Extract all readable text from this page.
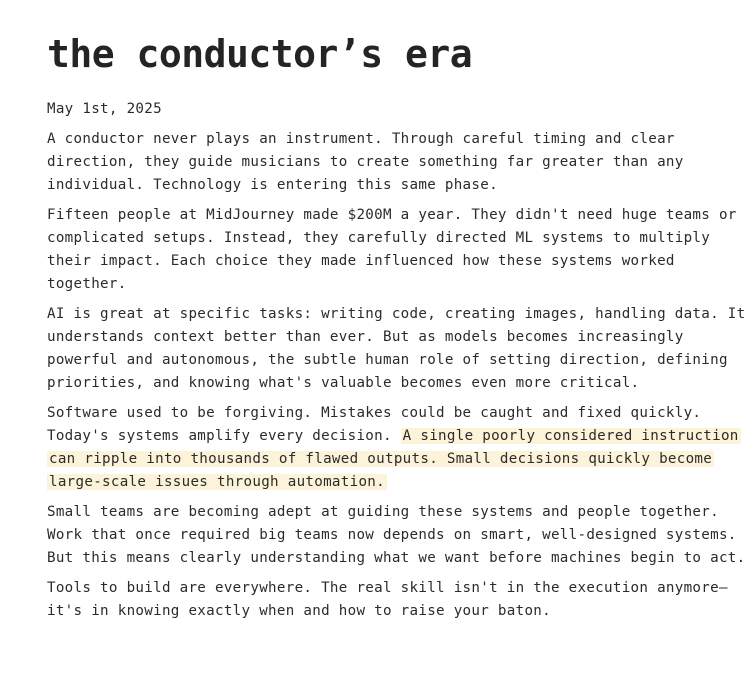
the conductor’s era
May 1st, 2025

A conductor never plays an instrument. Through careful timing and clear direction, they guide musicians to create something far greater than any individual. Technology is entering this same phase.

Fifteen people at MidJourney made $200M a year. They didn't need huge teams or complicated setups. Instead, they carefully directed ML systems to multiply their impact. Each choice they made influenced how these systems worked together.

AI is great at specific tasks: writing code, creating images, handling data. It understands context better than ever. But as models becomes increasingly powerful and autonomous, the subtle human role of setting direction, defining priorities, and knowing what's valuable becomes even more critical.

Software used to be forgiving. Mistakes could be caught and fixed quickly. Today's systems amplify every decision. A single poorly considered instruction can ripple into thousands of flawed outputs. Small decisions quickly become large-scale issues through automation.

Small teams are becoming adept at guiding these systems and people together. Work that once required big teams now depends on smart, well-designed systems. But this means clearly understanding what we want before machines begin to act.

Tools to build are everywhere. The real skill isn't in the execution anymore—it's in knowing exactly when and how to raise your baton.
